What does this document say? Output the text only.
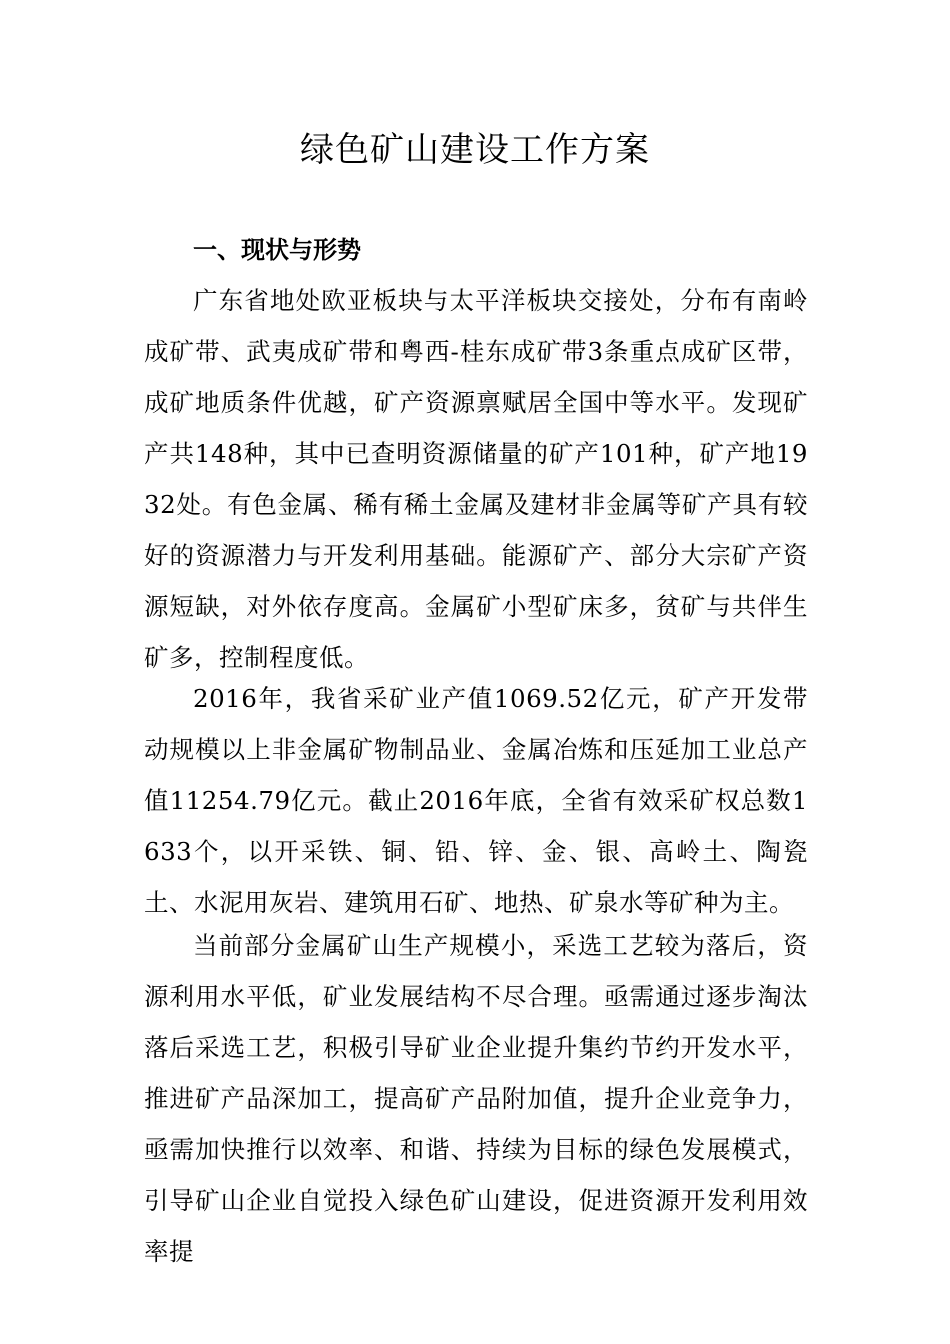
绿色矿山建设工作方案
一、现状与形势

广东省地处欧亚板块与太平洋板块交接处，分布有南岭成矿带、武夷成矿带和粤西-桂东成矿带3条重点成矿区带，成矿地质条件优越，矿产资源禀赋居全国中等水平。发现矿产共148种，其中已查明资源储量的矿产101种，矿产地1932处。有色金属、稀有稀土金属及建材非金属等矿产具有较好的资源潜力与开发利用基础。能源矿产、部分大宗矿产资源短缺，对外依存度高。金属矿小型矿床多，贫矿与共伴生矿多，控制程度低。

2016年，我省采矿业产值1069.52亿元，矿产开发带动规模以上非金属矿物制品业、金属冶炼和压延加工业总产值11254.79亿元。截止2016年底，全省有效采矿权总数1633个，以开采铁、铜、铅、锌、金、银、高岭土、陶瓷土、水泥用灰岩、建筑用石矿、地热、矿泉水等矿种为主。

当前部分金属矿山生产规模小，采选工艺较为落后，资源利用水平低，矿业发展结构不尽合理。亟需通过逐步淘汰落后采选工艺，积极引导矿业企业提升集约节约开发水平，推进矿产品深加工，提高矿产品附加值，提升企业竞争力，亟需加快推行以效率、和谐、持续为目标的绿色发展模式，引导矿山企业自觉投入绿色矿山建设，促进资源开发利用效率提
